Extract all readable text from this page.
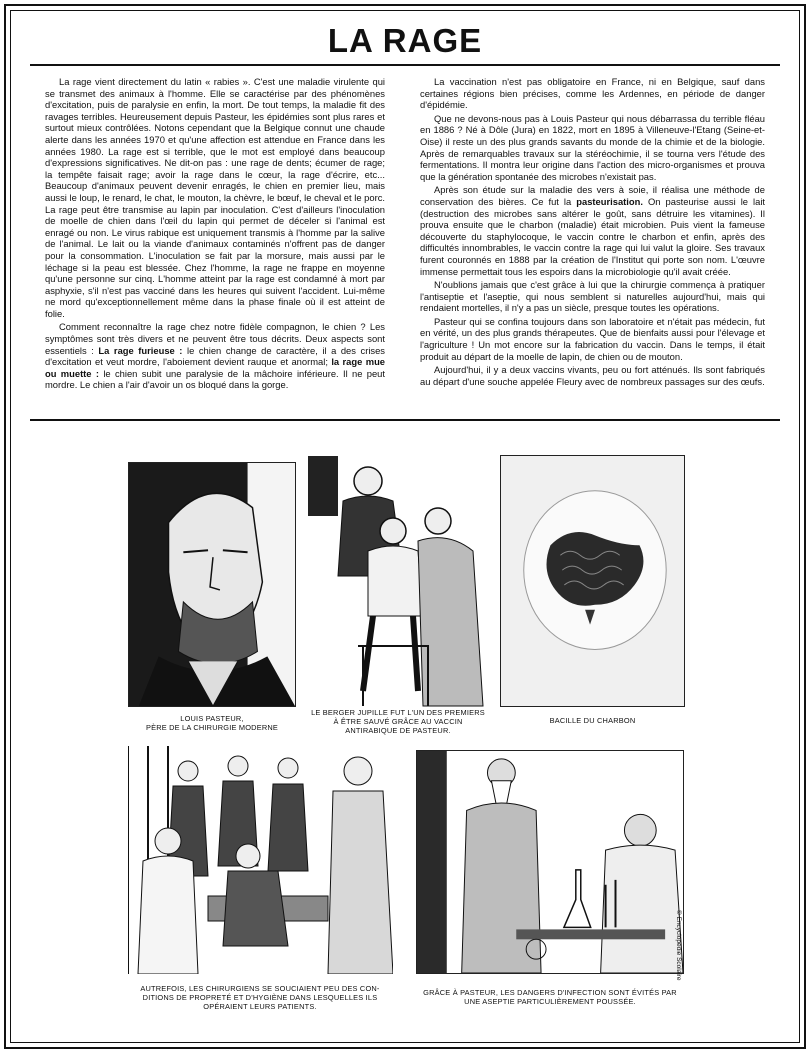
LA RAGE

La rage vient directement du latin « rabies ». C'est une maladie virulente qui se transmet des animaux à l'homme. Elle se caractérise par des phénomènes d'excitation, puis de paralysie en enfin, la mort. De tout temps, la maladie fit des ravages terribles. Heureusement depuis Pasteur, les épidémies sont plus rares et surtout mieux contrôlées. Notons cependant que la Belgique connut une chaude alerte dans les années 1970 et qu'une affection est attendue en France dans les années 1980. La rage est si terrible, que le mot est employé dans beaucoup d'expressions significatives. Ne dit-on pas : une rage de dents; écumer de rage; la tempête faisait rage; avoir la rage dans le cœur, la rage d'écrire, etc... Beaucoup d'animaux peuvent devenir enragés, le chien en premier lieu, mais aussi le loup, le renard, le chat, le mouton, la chèvre, le bœuf, le cheval et le porc. La rage peut être transmise au lapin par inoculation. C'est d'ailleurs l'inoculation de moelle de chien dans l'œil du lapin qui permet de déceler si l'animal est enragé ou non. Le virus rabique est uniquement transmis à l'homme par la salive de l'animal. Le lait ou la viande d'animaux contaminés n'offrent pas de danger pour la consommation. L'inoculation se fait par la morsure, mais aussi par le léchage si la peau est blessée. Chez l'homme, la rage ne frappe en moyenne qu'une personne sur cinq. L'homme atteint par la rage est condamné à mort par asphyxie, s'il n'est pas vacciné dans les heures qui suivent l'accident. Lui-même ne mord qu'exceptionnellement même dans la phase finale où il est atteint de folie.

Comment reconnaître la rage chez notre fidèle compagnon, le chien ? Les symptômes sont très divers et ne peuvent être tous décrits. Deux aspects sont essentiels : La rage furieuse : le chien change de caractère, il a des crises d'excitation et veut mordre, l'aboiement devient rauque et anormal; la rage mue ou muette : le chien subit une paralysie de la mâchoire inférieure. Il ne peut mordre. Le chien a l'air d'avoir un os bloqué dans la gorge.

La vaccination n'est pas obligatoire en France, ni en Belgique, sauf dans certaines régions bien précises, comme les Ardennes, en période de danger d'épidémie.

Que ne devons-nous pas à Louis Pasteur qui nous débarrassa du terrible fléau en 1886 ? Né à Dôle (Jura) en 1822, mort en 1895 à Villeneuve-l'Etang (Seine-et-Oise) il reste un des plus grands savants du monde de la chimie et de la biologie. Après de remarquables travaux sur la stéréochimie, il se tourna vers l'étude des fermentations. Il montra leur origine dans l'action des micro-organismes et prouva que la génération spontanée des microbes n'existait pas.

Après son étude sur la maladie des vers à soie, il réalisa une méthode de conservation des bières. Ce fut la pasteurisation. On pasteurise aussi le lait (destruction des microbes sans altérer le goût, sans détruire les vitamines). Il prouva ensuite que le charbon (maladie) était microbien. Puis vient la fameuse découverte du staphylocoque, le vaccin contre le charbon et enfin, après des difficultés innombrables, le vaccin contre la rage qui lui valut la gloire. Ses travaux furent couronnés en 1888 par la création de l'Institut qui porte son nom. L'œuvre immense permettait tous les espoirs dans la microbiologie qu'il avait créée.

N'oublions jamais que c'est grâce à lui que la chirurgie commença à pratiquer l'antiseptie et l'aseptie, qui nous semblent si naturelles aujourd'hui, mais qui rendaient mortelles, il n'y a pas un siècle, presque toutes les opérations.

Pasteur qui se confina toujours dans son laboratoire et n'était pas médecin, fut en vérité, un des plus grands thérapeutes. Que de bienfaits aussi pour l'élevage et l'agriculture ! Un mot encore sur la fabrication du vaccin. Dans le temps, il était produit au départ de la moelle de lapin, de chien ou de mouton.

Aujourd'hui, il y a deux vaccins vivants, peu ou fort atténués. Ils sont fabriqués au départ d'une souche appelée Fleury avec de nombreux passages sur des œufs.

LOUIS PASTEUR,
PÈRE DE LA CHIRURGIE MODERNE
LE BERGER JUPILLE FUT L'UN DES PREMIERS
À ÊTRE SAUVÉ GRÂCE AU VACCIN
ANTIRABIQUE DE PASTEUR.
BACILLE DU CHARBON
AUTREFOIS, LES CHIRURGIENS SE SOUCIAIENT PEU DES CON-
DITIONS DE PROPRETÉ ET D'HYGIÈNE DANS LESQUELLES ILS
OPÉRAIENT LEURS PATIENTS.
GRÂCE À PASTEUR, LES DANGERS D'INFECTION SONT ÉVITÉS PAR
UNE ASEPTIE PARTICULIÈREMENT POUSSÉE.
© Encyclopédie Scolaire
